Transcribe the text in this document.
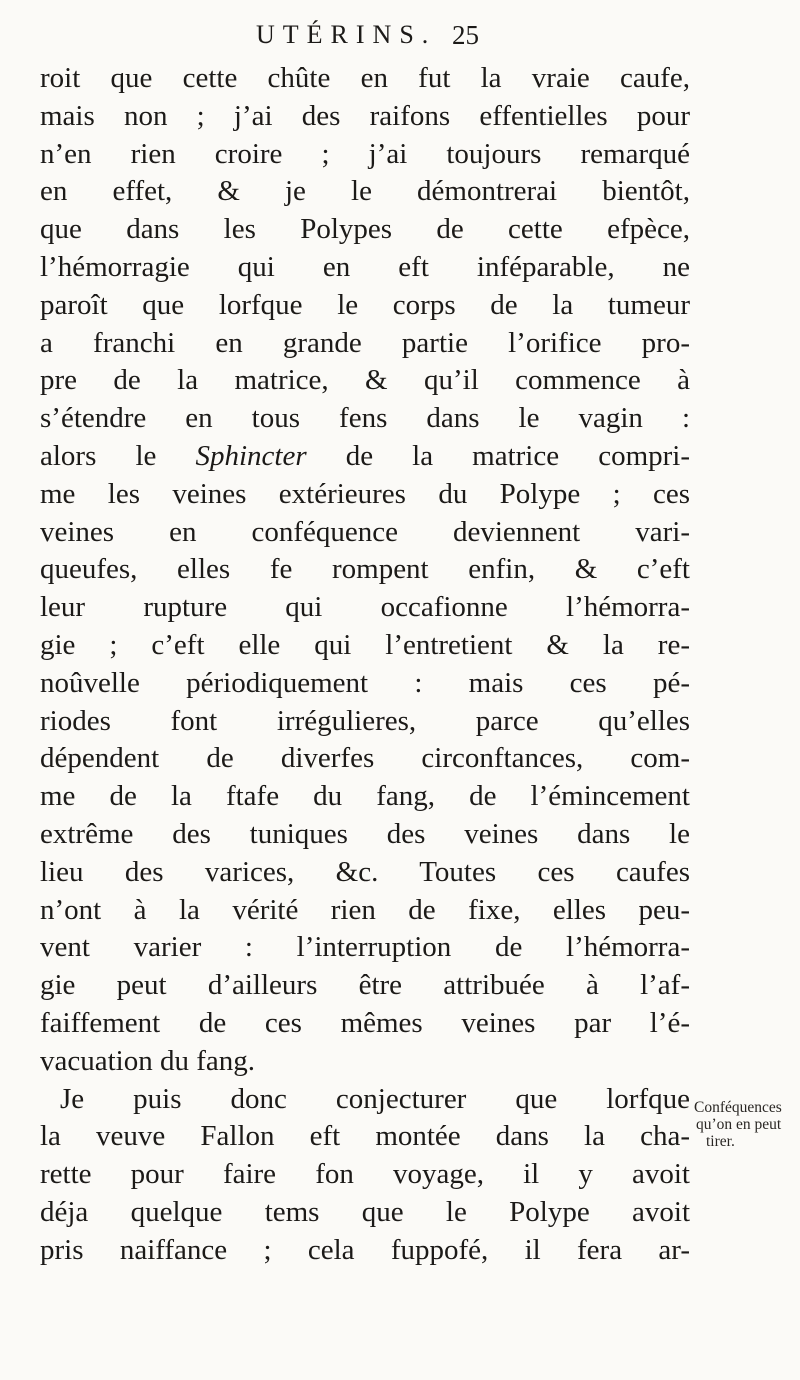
UTÉRINS. 25
roit que cette chûte en fut la vraie caufe,
mais non ; j’ai des raifons effentielles pour
n’en rien croire ; j’ai toujours remarqué
en effet, & je le démontrerai bientôt,
que dans les Polypes de cette efpèce,
l’hémorragie qui en eft inféparable, ne
paroît que lorfque le corps de la tumeur
a franchi en grande partie l’orifice pro-
pre de la matrice, & qu’il commence à
s’étendre en tous fens dans le vagin :
alors le Sphincter de la matrice compri-
me les veines extérieures du Polype ; ces
veines en conféquence deviennent vari-
queufes, elles fe rompent enfin, & c’eft
leur rupture qui occafionne l’hémorra-
gie ; c’eft elle qui l’entretient & la re-
noûvelle périodiquement : mais ces pé-
riodes font irrégulieres, parce qu’elles
dépendent de diverfes circonftances, com-
me de la ftafe du fang, de l’émincement
extrême des tuniques des veines dans le
lieu des varices, &c. Toutes ces caufes
n’ont à la vérité rien de fixe, elles peu-
vent varier : l’interruption de l’hémorra-
gie peut d’ailleurs être attribuée à l’af-
faiffement de ces mêmes veines par l’é-
vacuation du fang.
Je puis donc conjecturer que lorfque
la veuve Fallon eft montée dans la cha-
rette pour faire fon voyage, il y avoit
déja quelque tems que le Polype avoit
pris naiffance ; cela fuppofé, il fera ar-
Conféquences
qu’on en peut
tirer.
